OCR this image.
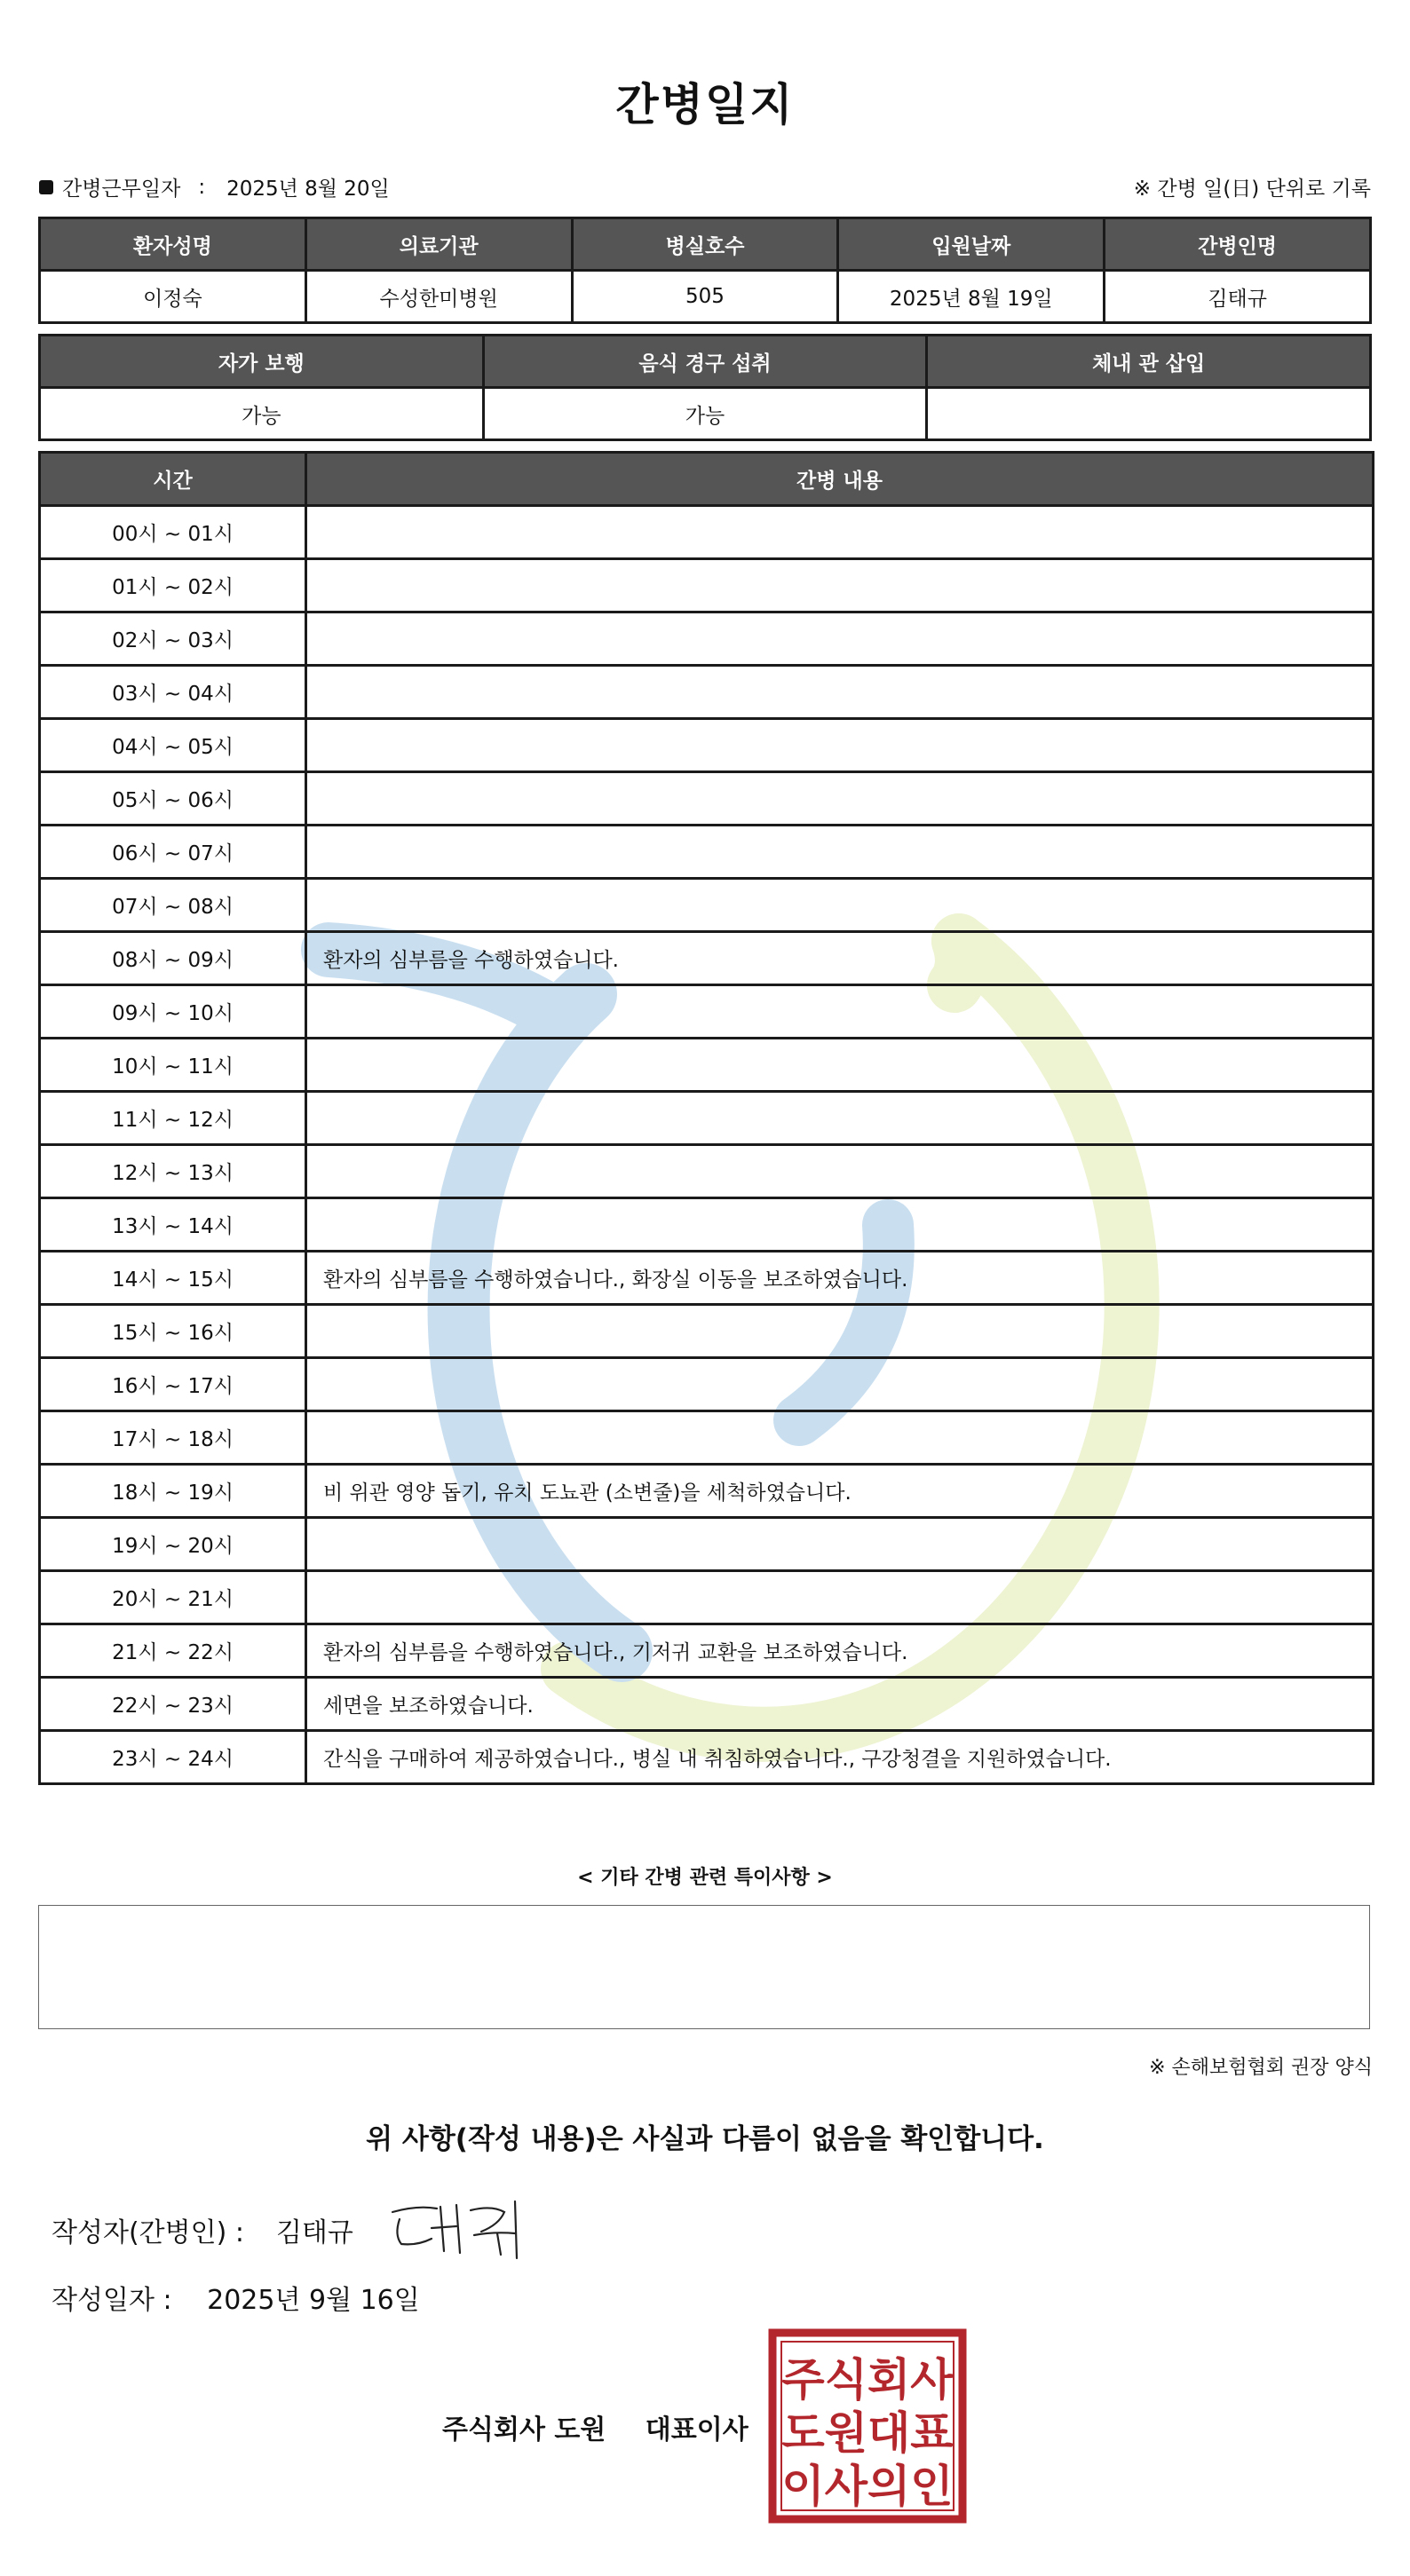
간병일지
간병근무일자 : 2025년 8월 20일	※ 간병 일(日) 단위로 기록
환자성명	의료기관	병실호수	입원날짜	간병인명
이정숙	수성한미병원	505	2025년 8월 19일	김태규
자가 보행	음식 경구 섭취	체내 관 삽입
가능	가능	
시간	간병 내용
00시 ~ 01시	
01시 ~ 02시	
02시 ~ 03시	
03시 ~ 04시	
04시 ~ 05시	
05시 ~ 06시	
06시 ~ 07시	
07시 ~ 08시	
08시 ~ 09시	환자의 심부름을 수행하였습니다.
09시 ~ 10시	
10시 ~ 11시	
11시 ~ 12시	
12시 ~ 13시	
13시 ~ 14시	
14시 ~ 15시	환자의 심부름을 수행하였습니다., 화장실 이동을 보조하였습니다.
15시 ~ 16시	
16시 ~ 17시	
17시 ~ 18시	
18시 ~ 19시	비 위관 영양 돕기, 유치 도뇨관 (소변줄)을 세척하였습니다.
19시 ~ 20시	
20시 ~ 21시	
21시 ~ 22시	환자의 심부름을 수행하였습니다., 기저귀 교환을 보조하였습니다.
22시 ~ 23시	세면을 보조하였습니다.
23시 ~ 24시	간식을 구매하여 제공하였습니다., 병실 내 취침하였습니다., 구강청결을 지원하였습니다.
< 기타 간병 관련 특이사항 >
※ 손해보험협회 권장 양식
위 사항(작성 내용)은 사실과 다름이 없음을 확인합니다.
작성자(간병인) : 김태규
작성일자 : 2025년 9월 16일
주식회사 도원 대표이사
주식회사
도원대표
이사의인
